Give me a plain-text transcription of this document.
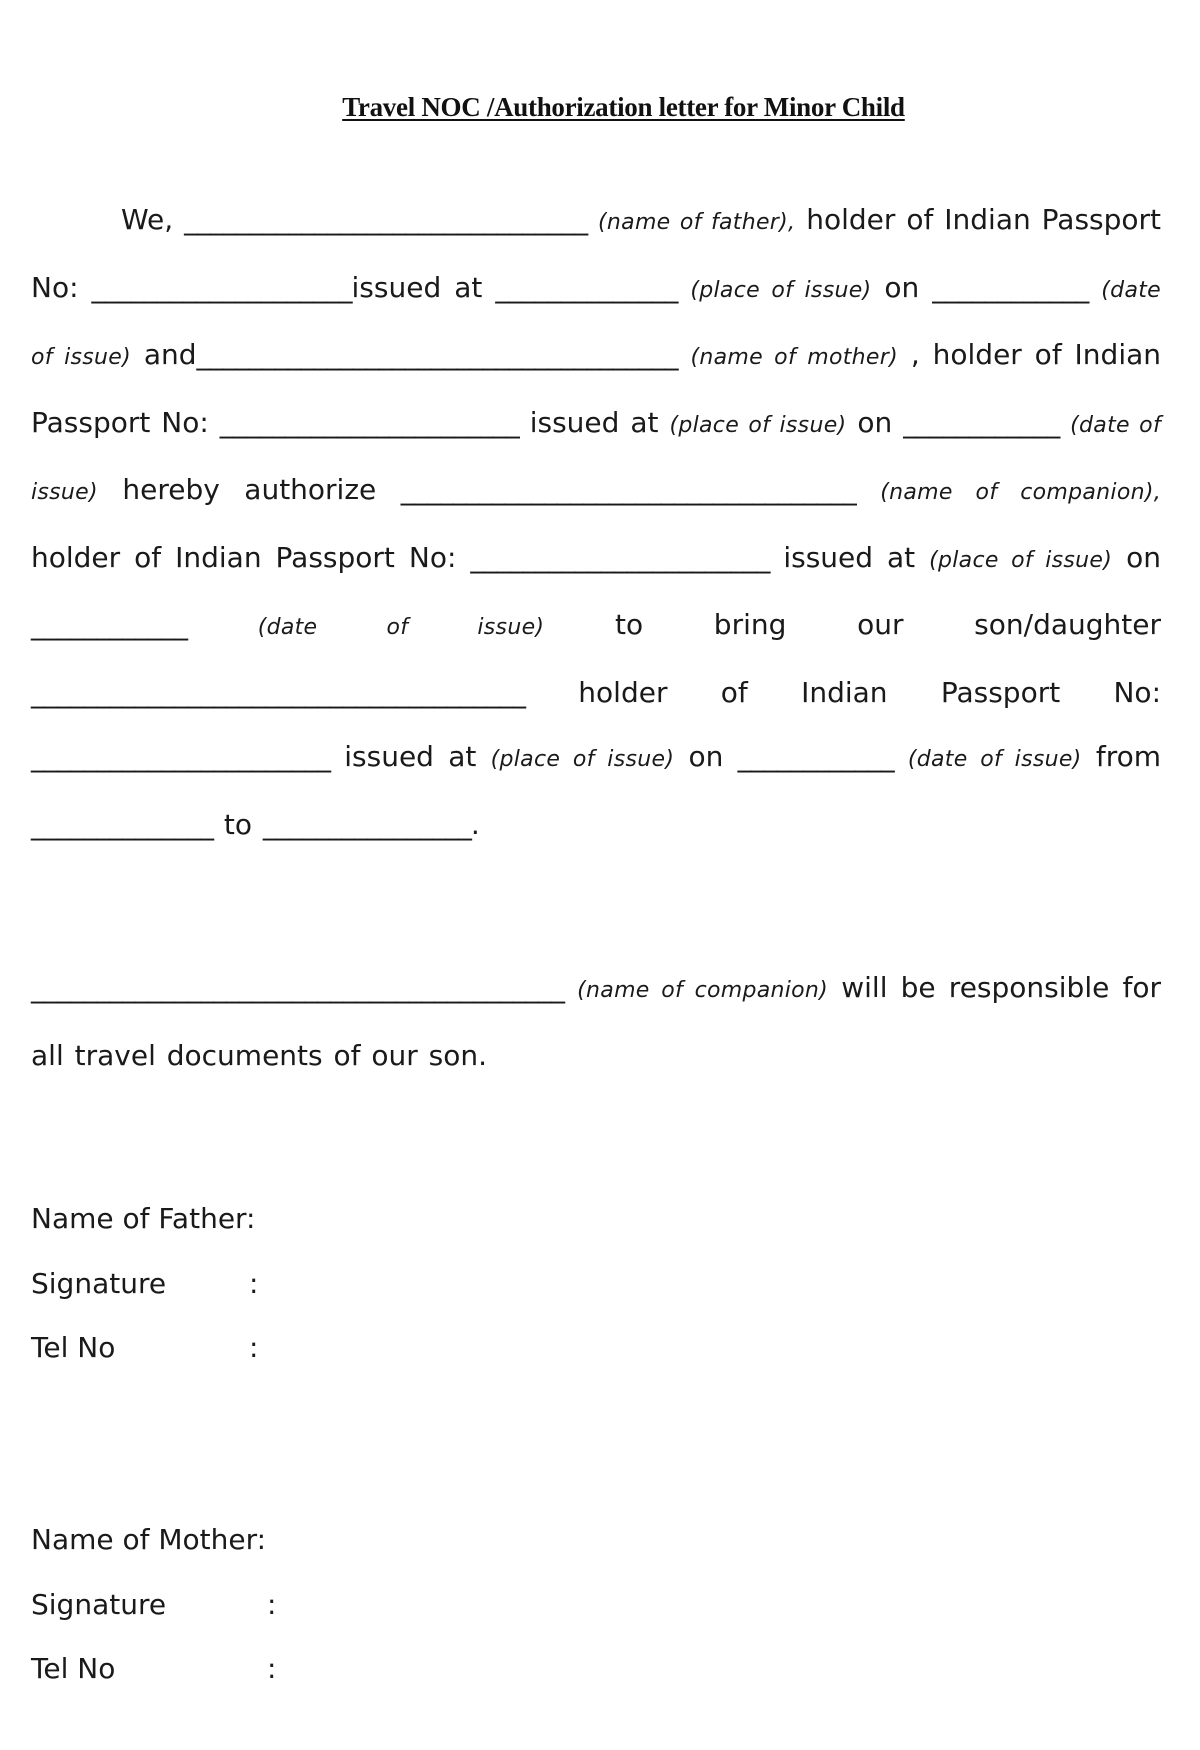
Travel NOC /Authorization letter for Minor Child
We, _______________________________ (name of father), holder of Indian Passport No: ____________________issued at ______________ (place of issue) on ____________ (date of issue) and_____________________________________ (name of mother) , holder of Indian Passport No: _______________________ issued at (place of issue) on ____________ (date of issue) hereby authorize ___________________________________ (name of companion), holder of Indian Passport No: _______________________ issued at (place of issue) on ____________	(date of issue) to bring our son/daughter ______________________________________ holder of Indian Passport No: _______________________ issued at (place of issue) on ____________ (date of issue) from ______________ to ________________.
_________________________________________ (name of companion) will be responsible for all travel documents of our son.
Name of Father:
Signature	:
Tel No	:
Name of Mother:
Signature	:
Tel No	:
